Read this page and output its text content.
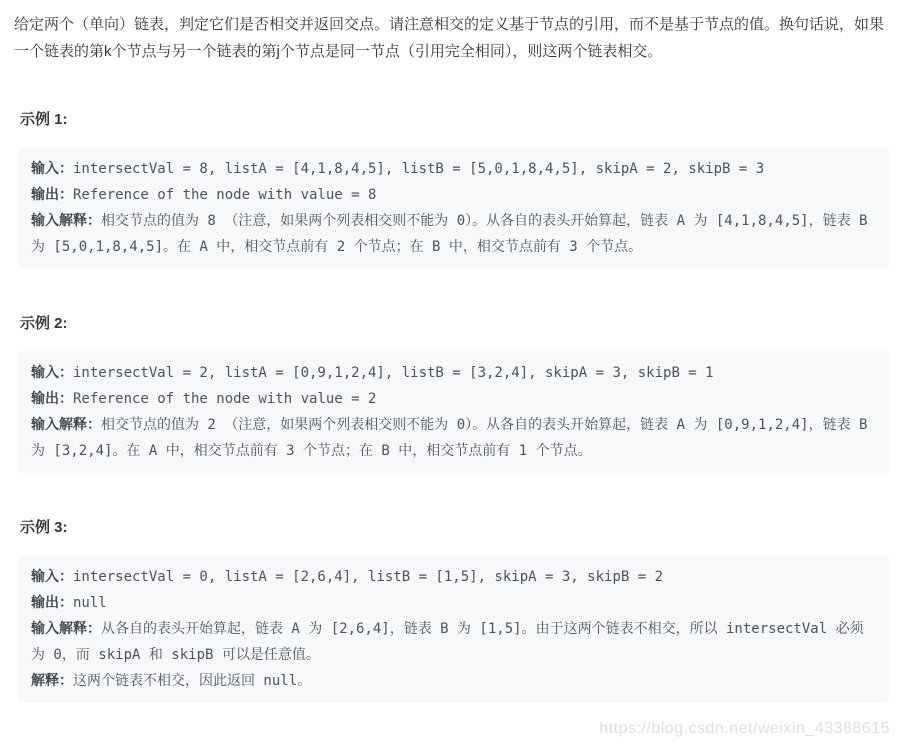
给定两个（单向）链表，判定它们是否相交并返回交点。请注意相交的定义基于节点的引用，而不是基于节点的值。换句话说，如果一个链表的第k个节点与另一个链表的第j个节点是同一节点（引用完全相同），则这两个链表相交。

示例 1:

输入：intersectVal = 8, listA = [4,1,8,4,5], listB = [5,0,1,8,4,5], skipA = 2, skipB = 3
输出：Reference of the node with value = 8
输入解释：相交节点的值为 8 （注意，如果两个列表相交则不能为 0）。从各自的表头开始算起，链表 A 为 [4,1,8,4,5]，链表 B 为 [5,0,1,8,4,5]。在 A 中，相交节点前有 2 个节点；在 B 中，相交节点前有 3 个节点。

示例 2:

输入：intersectVal = 2, listA = [0,9,1,2,4], listB = [3,2,4], skipA = 3, skipB = 1
输出：Reference of the node with value = 2
输入解释：相交节点的值为 2 （注意，如果两个列表相交则不能为 0）。从各自的表头开始算起，链表 A 为 [0,9,1,2,4]，链表 B 为 [3,2,4]。在 A 中，相交节点前有 3 个节点；在 B 中，相交节点前有 1 个节点。

示例 3:

输入：intersectVal = 0, listA = [2,6,4], listB = [1,5], skipA = 3, skipB = 2
输出：null
输入解释：从各自的表头开始算起，链表 A 为 [2,6,4]，链表 B 为 [1,5]。由于这两个链表不相交，所以 intersectVal 必须为 0，而 skipA 和 skipB 可以是任意值。
解释：这两个链表不相交，因此返回 null。
https://blog.csdn.net/weixin_43388615
